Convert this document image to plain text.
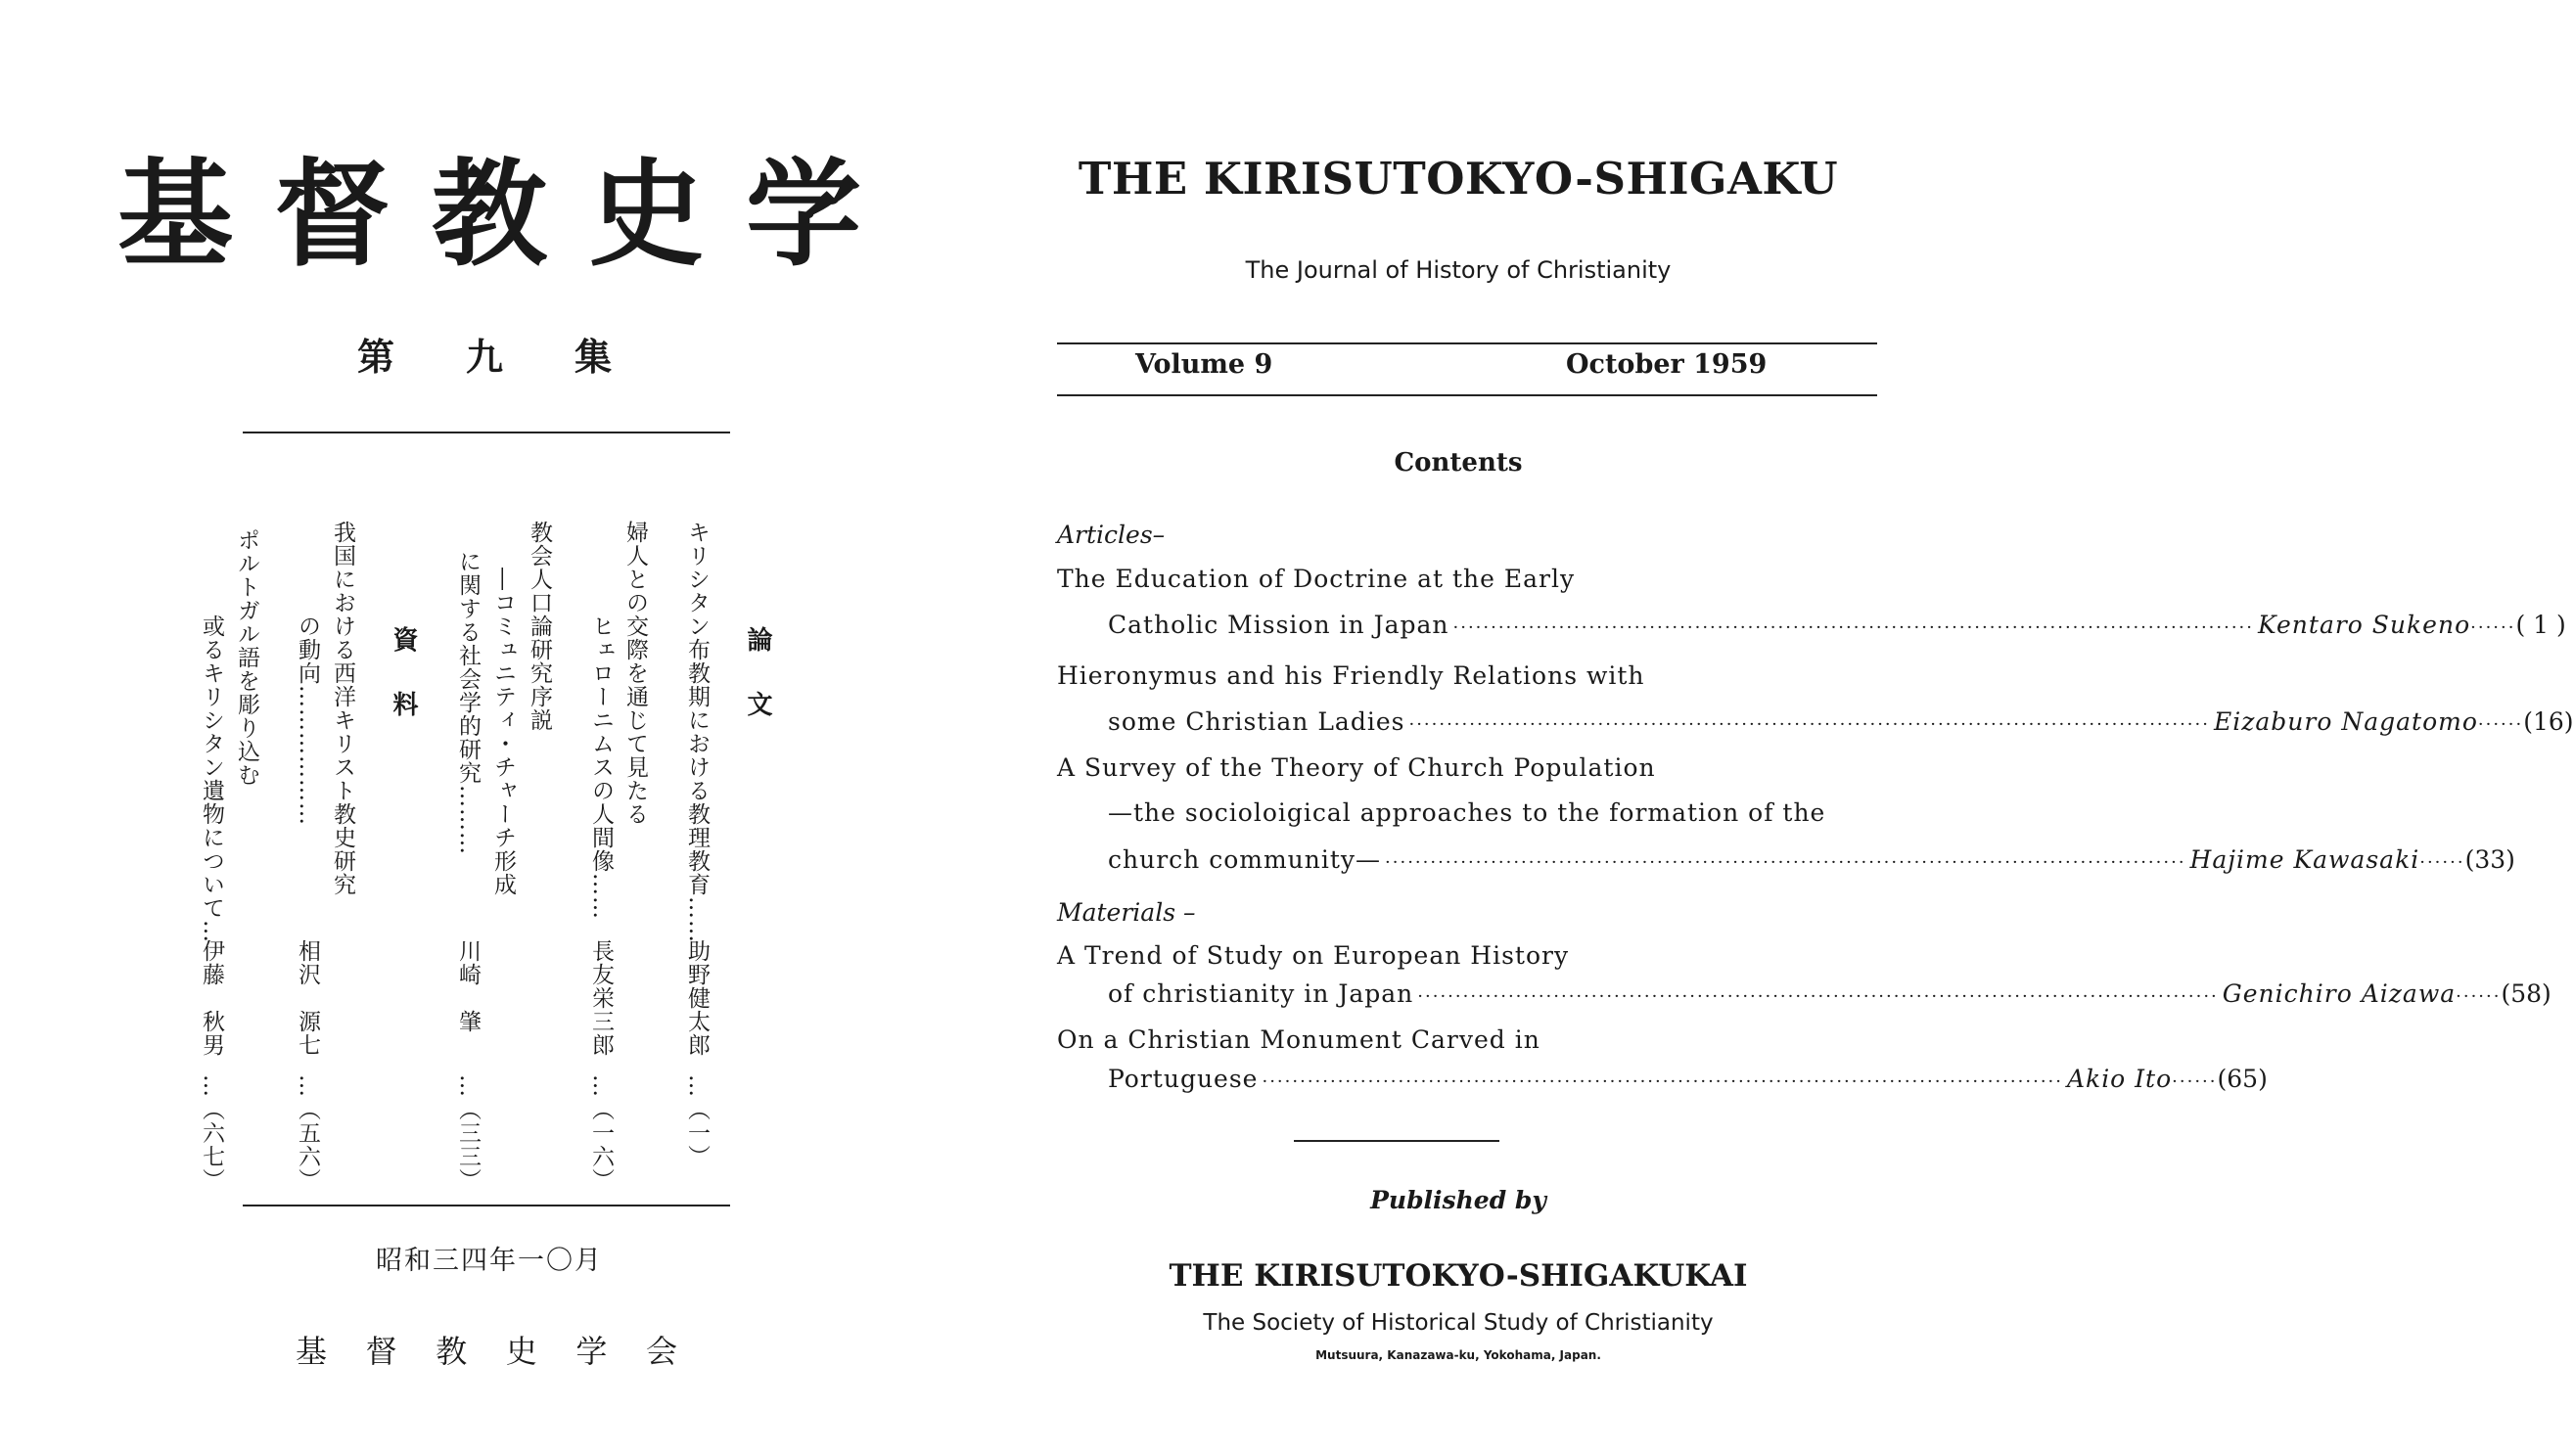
基 督 教 史 学
第 九 集
論文
キリシタン布教期における教理教育……
助野健太郎
…（一）
婦人との交際を通じて見たる
ヒェローニムスの人間像……
長友栄三郎
…（一六）
教会人口論研究序説
―コミュニティ・チャーチ形成
に関する社会学的研究………
川崎　肇
…（三三）
資料
我国における西洋キリスト教史研究
の動向………………
相沢　源七
…（五六）
ポルトガル語を彫り込む
或るキリシタン遺物について…
伊藤　秋男
…（六七）
昭和三四年一〇月
基 督 教 史 学 会
THE KIRISUTOKYO-SHIGAKU
The Journal of History of Christianity
Volume 9	October 1959
Contents
Articles–
The Education of Doctrine at the Early
Catholic Mission in Japan ·········································································································· Kentaro Sukeno ······ ( 1 )
Hieronymus and his Friendly Relations with
some Christian Ladies ·········································································································· Eizaburo Nagatomo ······ (16)
A Survey of the Theory of Church Population
—the socioloigical approaches to the formation of the
church community— ·········································································································· Hajime Kawasaki ······ (33)
Materials –
A Trend of Study on European History
of christianity in Japan ·········································································································· Genichiro Aizawa ······ (58)
On a Christian Monument Carved in
Portuguese ·········································································································· Akio Ito ······ (65)
Published by
THE KIRISUTOKYO-SHIGAKUKAI
The Society of Historical Study of Christianity
Mutsuura, Kanazawa-ku, Yokohama, Japan.
